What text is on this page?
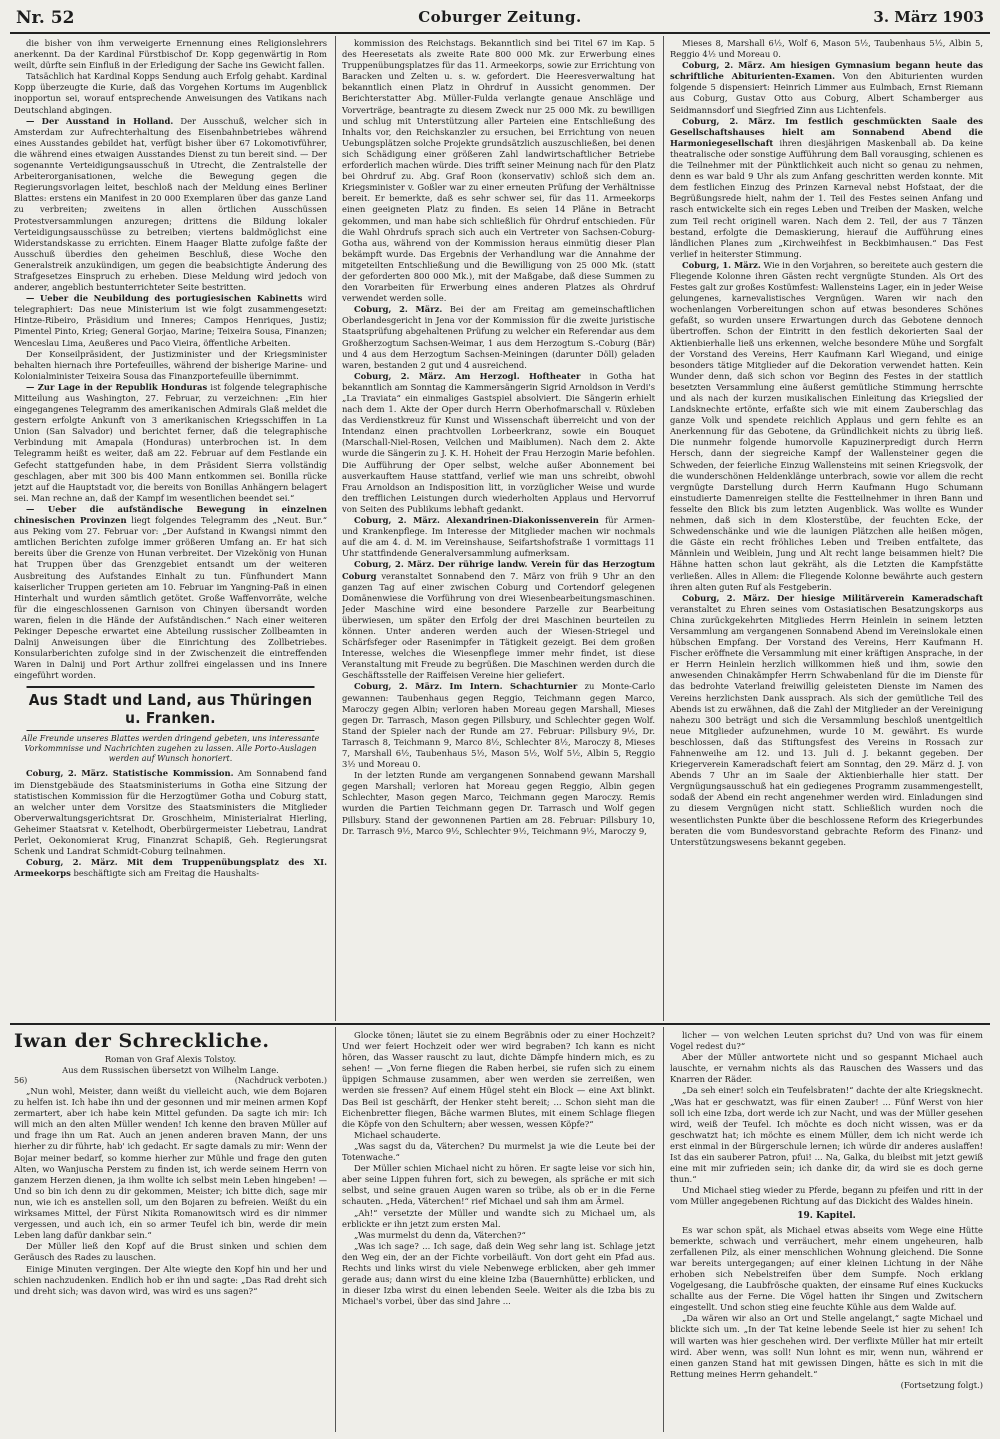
Nr. 52	Coburger Zeitung.	3. März 1903

die bisher von ihm verweigerte Ernennung eines Religionslehrers anerkennt. Da der Kardinal Fürstbischof Dr. Kopp gegenwärtig in Rom weilt, dürfte sein Einfluß in der Erledigung der Sache ins Gewicht fallen.

Tatsächlich hat Kardinal Kopps Sendung auch Erfolg gehabt. Kardinal Kopp überzeugte die Kurie, daß das Vorgehen Kortums im Augenblick inopportun sei, worauf entsprechende Anweisungen des Vatikans nach Deutschland abgingen.

— Der Ausstand in Holland. Der Ausschuß, welcher sich in Amsterdam zur Aufrechterhaltung des Eisenbahnbetriebes während eines Ausstandes gebildet hat, verfügt bisher über 67 Lokomotivführer, die während eines etwaigen Ausstandes Dienst zu tun bereit sind. — Der sogenannte Verteidigungsausschuß in Utrecht, die Zentralstelle der Arbeiterorganisationen, welche die Bewegung gegen die Regierungsvorlagen leitet, beschloß nach der Meldung eines Berliner Blattes: erstens ein Manifest in 20 000 Exemplaren über das ganze Land zu verbreiten; zweitens in allen örtlichen Ausschüssen Protestversammlungen anzuregen; drittens die Bildung lokaler Verteidigungsausschüsse zu betreiben; viertens baldmöglichst eine Widerstandskasse zu errichten. Einem Haager Blatte zufolge faßte der Ausschuß überdies den geheimen Beschluß, diese Woche den Generalstreik anzukündigen, um gegen die beabsichtigte Änderung des Strafgesetzes Einspruch zu erheben. Diese Meldung wird jedoch von anderer, angeblich bestunterrichteter Seite bestritten.

— Ueber die Neubildung des portugiesischen Kabinetts wird telegraphiert: Das neue Ministerium ist wie folgt zusammengesetzt: Hintze-Ribeiro, Präsidium und Inneres; Campos Henriques, Justiz; Pimentel Pinto, Krieg; General Gorjao, Marine; Teixeira Sousa, Finanzen; Wenceslau Lima, Aeußeres und Paco Vieira, öffentliche Arbeiten.

Der Konseilpräsident, der Justizminister und der Kriegsminister behalten hiernach ihre Portefeuilles, während der bisherige Marine- und Kolonialminister Teixeira Sousa das Finanzportefeuille übernimmt.

— Zur Lage in der Republik Honduras ist folgende telegraphische Mitteilung aus Washington, 27. Februar, zu verzeichnen: „Ein hier eingegangenes Telegramm des amerikanischen Admirals Glaß meldet die gestern erfolgte Ankunft von 3 amerikanischen Kriegsschiffen in La Union (San Salvador) und berichtet ferner, daß die telegraphische Verbindung mit Amapala (Honduras) unterbrochen ist. In dem Telegramm heißt es weiter, daß am 22. Februar auf dem Festlande ein Gefecht stattgefunden habe, in dem Präsident Sierra vollständig geschlagen, aber mit 300 bis 400 Mann entkommen sei. Bonilla rücke jetzt auf die Hauptstadt vor, die bereits von Bonillas Anhängern belagert sei. Man rechne an, daß der Kampf im wesentlichen beendet sei.“

— Ueber die aufständische Bewegung in einzelnen chinesischen Provinzen liegt folgendes Telegramm des „Neut. Bur.“ aus Peking vom 27. Februar vor: „Der Aufstand in Kwangsi nimmt den amtlichen Berichten zufolge immer größeren Umfang an. Er hat sich bereits über die Grenze von Hunan verbreitet. Der Vizekönig von Hunan hat Truppen über das Grenzgebiet entsandt um der weiteren Ausbreitung des Aufstandes Einhalt zu tun. Fünfhundert Mann kaiserlicher Truppen gerieten am 10. Februar im Yangning-Paß in einen Hinterhalt und wurden sämtlich getötet. Große Waffenvorräte, welche für die eingeschlossenen Garnison von Chinyen übersandt worden waren, fielen in die Hände der Aufständischen.“ Nach einer weiteren Pekinger Depesche erwartet eine Abteilung russischer Zollbeamten in Dalnij Anweisungen über die Einrichtung des Zollbetriebes. Konsularberichten zufolge sind in der Zwischenzeit die eintreffenden Waren in Dalnij und Port Arthur zollfrei eingelassen und ins Innere eingeführt worden.

Aus Stadt und Land, aus Thüringen u. Franken.
Alle Freunde unseres Blattes werden dringend gebeten, uns interessante Vorkommnisse und Nachrichten zugehen zu lassen. Alle Porto-Auslagen werden auf Wunsch honoriert.

Coburg, 2. März. Statistische Kommission. Am Sonnabend fand im Dienstgebäude des Staatsministeriums in Gotha eine Sitzung der statistischen Kommission für die Herzogtümer Gotha und Coburg statt, an welcher unter dem Vorsitze des Staatsministers die Mitglieder Oberverwaltungsgerichtsrat Dr. Groschheim, Ministerialrat Hierling, Geheimer Staatsrat v. Ketelhodt, Oberbürgermeister Liebetrau, Landrat Perlet, Oekonomierat Krug, Finanzrat Schapiß, Geh. Regierungsrat Schenk und Landrat Schmidt-Coburg teilnahmen.

Coburg, 2. März. Mit dem Truppenübungsplatz des XI. Armeekorps beschäftigte sich am Freitag die Haushalts-

kommission des Reichstags. Bekanntlich sind bei Titel 67 im Kap. 5 des Heeresetats als zweite Rate 800 000 Mk. zur Erwerbung eines Truppenübungsplatzes für das 11. Armeekorps, sowie zur Errichtung von Baracken und Zelten u. s. w. gefordert. Die Heeresverwaltung hat bekanntlich einen Platz in Ohrdruf in Aussicht genommen. Der Berichterstatter Abg. Müller-Fulda verlangte genaue Anschläge und Vorverträge, beantragte zu diesem Zweck nur 25 000 Mk. zu bewilligen und schlug mit Unterstützung aller Parteien eine Entschließung des Inhalts vor, den Reichskanzler zu ersuchen, bei Errichtung von neuen Uebungsplätzen solche Projekte grundsätzlich auszuschließen, bei denen sich Schädigung einer größeren Zahl landwirtschaftlicher Betriebe erforderlich machen würde. Dies trifft seiner Meinung nach für den Platz bei Ohrdruf zu. Abg. Graf Roon (konservativ) schloß sich dem an. Kriegsminister v. Goßler war zu einer erneuten Prüfung der Verhältnisse bereit. Er bemerkte, daß es sehr schwer sei, für das 11. Armeekorps einen geeigneten Platz zu finden. Es seien 14 Pläne in Betracht gekommen, und man habe sich schließlich für Ohrdruf entschieden. Für die Wahl Ohrdrufs sprach sich auch ein Vertreter von Sachsen-Coburg-Gotha aus, während von der Kommission heraus einmütig dieser Plan bekämpft wurde. Das Ergebnis der Verhandlung war die Annahme der mitgeteilten Entschließung und die Bewilligung von 25 000 Mk. (statt der geforderten 800 000 Mk.), mit der Maßgabe, daß diese Summen zu den Vorarbeiten für Erwerbung eines anderen Platzes als Ohrdruf verwendet werden solle.

Coburg, 2. März. Bei der am Freitag am gemeinschaftlichen Oberlandesgericht in Jena vor der Kommission für die zweite juristische Staatsprüfung abgehaltenen Prüfung zu welcher ein Referendar aus dem Großherzogtum Sachsen-Weimar, 1 aus dem Herzogtum S.-Coburg (Bär) und 4 aus dem Herzogtum Sachsen-Meiningen (darunter Döll) geladen waren, bestanden 2 gut und 4 ausreichend.

Coburg, 2. März. Am Herzogl. Hoftheater in Gotha hat bekanntlich am Sonntag die Kammersängerin Sigrid Arnoldson in Verdi's „La Traviata“ ein einmaliges Gastspiel absolviert. Die Sängerin erhielt nach dem 1. Akte der Oper durch Herrn Oberhofmarschall v. Rüxleben das Verdienstkreuz für Kunst und Wissenschaft überreicht und von der Intendanz einen prachtvollen Lorbeerkranz, sowie ein Bouquet (Marschall-Niel-Rosen, Veilchen und Maiblumen). Nach dem 2. Akte wurde die Sängerin zu J. K. H. Hoheit der Frau Herzogin Marie befohlen. Die Aufführung der Oper selbst, welche außer Abonnement bei ausverkauftem Hause stattfand, verlief wie man uns schreibt, obwohl Frau Arnoldson an Indisposition litt, in vorzüglicher Weise und wurde den trefflichen Leistungen durch wiederholten Applaus und Hervorruf von Seiten des Publikums lebhaft gedankt.

Coburg, 2. März. Alexandrinen-Diakonissenverein für Armen- und Krankenpflege. Im Interesse der Mitglieder machen wir nochmals auf die am 4. d. M. im Vereinshause, Seifartshofstraße 1 vormittags 11 Uhr stattfindende Generalversammlung aufmerksam.

Coburg, 2. März. Der rührige landw. Verein für das Herzogtum Coburg veranstaltet Sonnabend den 7. März von früh 9 Uhr an den ganzen Tag auf einer zwischen Coburg und Cortendorf gelegenen Domänenwiese die Vorführung von drei Wiesenbearbeitungsmaschinen. Jeder Maschine wird eine besondere Parzelle zur Bearbeitung überwiesen, um später den Erfolg der drei Maschinen beurteilen zu können. Unter anderen werden auch der Wiesen-Striegel und Schärfsfeger oder Rasenimpfer in Tätigkeit gezeigt. Bei dem großen Interesse, welches die Wiesenpflege immer mehr findet, ist diese Veranstaltung mit Freude zu begrüßen. Die Maschinen werden durch die Geschäftsstelle der Raiffeisen Vereine hier geliefert.

Coburg, 2. März. Im Intern. Schachturnier zu Monte-Carlo gewannen: Taubenhaus gegen Reggio, Teichmann gegen Marco, Maroczy gegen Albin; verloren haben Moreau gegen Marshall, Mieses gegen Dr. Tarrasch, Mason gegen Pillsbury, und Schlechter gegen Wolf. Stand der Spieler nach der Runde am 27. Februar: Pillsbury 9½, Dr. Tarrasch 8, Teichmann 9, Marco 8½, Schlechter 8½, Maroczy 8, Mieses 7, Marshall 6½, Taubenhaus 5½, Mason 5½, Wolf 5½, Albin 5, Reggio 3½ und Moreau 0.

In der letzten Runde am vergangenen Sonnabend gewann Marshall gegen Marshall; verloren hat Moreau gegen Reggio, Albin gegen Schlechter, Mason gegen Marco, Teichmann gegen Maroczy. Remis wurden die Partien Teichmann gegen Dr. Tarrasch und Wolf gegen Pillsbury. Stand der gewonnenen Partien am 28. Februar: Pillsbury 10, Dr. Tarrasch 9½, Marco 9½, Schlechter 9½, Teichmann 9½, Maroczy 9,

Mieses 8, Marshall 6½, Wolf 6, Mason 5½, Taubenhaus 5½, Albin 5, Reggio 4½ und Moreau 0.

Coburg, 2. März. Am hiesigen Gymnasium begann heute das schriftliche Abiturienten-Examen. Von den Abiturienten wurden folgende 5 dispensiert: Heinrich Limmer aus Eulmbach, Ernst Riemann aus Coburg, Gustav Otto aus Coburg, Albert Schamberger aus Seidmannsdorf und Siegfried Zinn aus Lichtenfels.

Coburg, 2. März. Im festlich geschmückten Saale des Gesellschaftshauses hielt am Sonnabend Abend die Harmoniegesellschaft ihren diesjährigen Maskenball ab. Da keine theatralische oder sonstige Aufführung dem Ball vorausging, schienen es die Teilnehmer mit der Pünktlichkeit auch nicht so genau zu nehmen, denn es war bald 9 Uhr als zum Anfang geschritten werden konnte. Mit dem festlichen Einzug des Prinzen Karneval nebst Hofstaat, der die Begrüßungsrede hielt, nahm der 1. Teil des Festes seinen Anfang und rasch entwickelte sich ein reges Leben und Treiben der Masken, welche zum Teil recht originell waren. Nach dem 2. Teil, der aus 7 Tänzen bestand, erfolgte die Demaskierung, hierauf die Aufführung eines ländlichen Planes zum „Kirchweihfest in Beckbimhausen.“ Das Fest verlief in heiterster Stimmung.

Coburg, 1. März. Wie in den Vorjahren, so bereitete auch gestern die Fliegende Kolonne ihren Gästen recht vergnügte Stunden. Als Ort des Festes galt zur großes Kostümfest: Wallensteins Lager, ein in jeder Weise gelungenes, karnevalistisches Vergnügen. Waren wir nach den wochenlangen Vorbereitungen schon auf etwas besonderes Schönes gefaßt, so wurden unsere Erwartungen durch das Gebotene dennoch übertroffen. Schon der Eintritt in den festlich dekorierten Saal der Aktienbierhalle ließ uns erkennen, welche besondere Mühe und Sorgfalt der Vorstand des Vereins, Herr Kaufmann Karl Wiegand, und einige besonders tätige Mitglieder auf die Dekoration verwendet hatten. Kein Wunder denn, daß sich schon vor Beginn des Festes in der stattlich besetzten Versammlung eine äußerst gemütliche Stimmung herrschte und als nach der kurzen musikalischen Einleitung das Kriegslied der Landsknechte ertönte, erfaßte sich wie mit einem Zauberschlag das ganze Volk und spendete reichlich Applaus und gern fehlte es an Anerkennung für das Gebotene, da Gründlichkeit nichts zu übrig ließ. Die nunmehr folgende humorvolle Kapuzinerpredigt durch Herrn Hersch, dann der siegreiche Kampf der Wallensteiner gegen die Schweden, der feierliche Einzug Wallensteins mit seinen Kriegsvolk, der die wunderschönen Heldenklänge unterbrach, sowie vor allem die recht vergnügte Darstellung durch Herrn Kaufmann Hugo Schumann einstudierte Damenreigen stellte die Festteilnehmer in ihren Bann und fesselte den Blick bis zum letzten Augenblick. Was wollte es Wunder nehmen, daß sich in dem Klosterstübe, der feuchten Ecke, der Schwedenschänke und wie die launigen Plätzchen alle heißen mögen, die Gäste ein recht fröhliches Leben und Treiben entfaltete, das Männlein und Weiblein, Jung und Alt recht lange beisammen hielt? Die Hähne hatten schon laut gekräht, als die Letzten die Kampfstätte verließen. Alles in Allem: die Fliegende Kolonne bewährte auch gestern ihren alten guten Ruf als Festgeberin.

Coburg, 2. März. Der hiesige Militärverein Kameradschaft veranstaltet zu Ehren seines vom Ostasiatischen Besatzungskorps aus China zurückgekehrten Mitgliedes Herrn Heinlein in seinem letzten Versammlung am vergangenen Sonnabend Abend im Vereinslokale einen hübschen Empfang. Der Vorstand des Vereins, Herr Kaufmann H. Fischer eröffnete die Versammlung mit einer kräftigen Ansprache, in der er Herrn Heinlein herzlich willkommen hieß und ihm, sowie den anwesenden Chinakämpfer Herrn Schwabenland für die im Dienste für das bedrohte Vaterland freiwillig geleisteten Dienste im Namen des Vereins herzlichsten Dank aussprach. Als sich der gemütliche Teil des Abends ist zu erwähnen, daß die Zahl der Mitglieder an der Vereinigung nahezu 300 beträgt und sich die Versammlung beschloß unentgeltlich neue Mitglieder aufzunehmen, wurde 10 M. gewährt. Es wurde beschlossen, daß das Stiftungsfest des Vereins in Rossach zur Fahnenweihe am 12. und 13. Juli d. J. bekannt gegeben. Der Kriegerverein Kameradschaft feiert am Sonntag, den 29. März d. J. von Abends 7 Uhr an im Saale der Aktienbierhalle hier statt. Der Vergnügungsausschuß hat ein gediegenes Programm zusammengestellt, sodaß der Abend ein recht angenehmer werden wird. Einladungen sind zu diesem Vergnügen nicht statt. Schließlich wurden noch die wesentlichsten Punkte über die beschlossene Reform des Kriegerbundes beraten die vom Bundesvorstand gebrachte Reform des Finanz- und Unterstützungswesens bekannt gegeben.

Iwan der Schreckliche.
Roman von Graf Alexis Tolstoy.
Aus dem Russischen übersetzt von Wilhelm Lange.
56)	(Nachdruck verboten.)

„Nun wohl, Meister, dann weißt du vielleicht auch, wie dem Bojaren zu helfen ist. Ich habe ihn und der gesonnen und mir meinen armen Kopf zermartert, aber ich habe kein Mittel gefunden. Da sagte ich mir: Ich will mich an den alten Müller wenden! Ich kenne den braven Müller auf und frage ihn um Rat. Auch an jenen anderen braven Mann, der uns hierher zu dir führte, hab' ich gedacht. Er sagte damals zu mir: Wenn der Bojar meiner bedarf, so komme hierher zur Mühle und frage den guten Alten, wo Wanjuscha Perstem zu finden ist, ich werde seinem Herrn von ganzem Herzen dienen, ja ihm wollte ich selbst mein Leben hingeben! — Und so bin ich denn zu dir gekommen, Meister; ich bitte dich, sage mir nun, wie ich es anstellen soll, um den Bojaren zu befreien. Weißt du ein wirksames Mittel, der Fürst Nikita Romanowitsch wird es dir nimmer vergessen, und auch ich, ein so armer Teufel ich bin, werde dir mein Leben lang dafür dankbar sein.“

Der Müller ließ den Kopf auf die Brust sinken und schien dem Geräusch des Rades zu lauschen.

Einige Minuten vergingen. Der Alte wiegte den Kopf hin und her und schien nachzudenken. Endlich hob er ihn und sagte: „Das Rad dreht sich und dreht sich; was davon wird, was wird es uns sagen?“

Glocke tönen; läutet sie zu einem Begräbnis oder zu einer Hochzeit? Und wer feiert Hochzeit oder wer wird begraben? Ich kann es nicht hören, das Wasser rauscht zu laut, dichte Dämpfe hindern mich, es zu sehen! — „Von ferne fliegen die Raben herbei, sie rufen sich zu einem üppigen Schmause zusammen, aber wen werden sie zerreißen, wen werden sie fressen? Auf einem Hügel steht ein Block — eine Axt blinkt. Das Beil ist geschärft, der Henker steht bereit; ... Schon sieht man die Eichenbretter fliegen, Bäche warmen Blutes, mit einem Schlage fliegen die Köpfe von den Schultern; aber wessen, wessen Köpfe?“

Michael schauderte.

„Was sagst du da, Väterchen? Du murmelst ja wie die Leute bei der Totenwache.“

Der Müller schien Michael nicht zu hören. Er sagte leise vor sich hin, aber seine Lippen fuhren fort, sich zu bewegen, als spräche er mit sich selbst, und seine grauen Augen waren so trübe, als ob er in die Ferne schauten. „Heda, Väterchen!“ rief Michael und sah ihm am Ärmel.

„Ah!“ versetzte der Müller und wandte sich zu Michael um, als erblickte er ihn jetzt zum ersten Mal.

„Was murmelst du denn da, Väterchen?“

„Was ich sage? ... Ich sage, daß dein Weg sehr lang ist. Schlage jetzt den Weg ein, der an der Fichte vorbeiläuft. Von dort geht ein Pfad aus. Rechts und links wirst du viele Nebenwege erblicken, aber geh immer gerade aus; dann wirst du eine kleine Izba (Bauernhütte) erblicken, und in dieser Izba wirst du einen lebenden Seele. Weiter als die Izba bis zu Michael's vorbei, über das sind Jahre ...

licher — von welchen Leuten sprichst du? Und von was für einem Vogel redest du?“

Aber der Müller antwortete nicht und so gespannt Michael auch lauschte, er vernahm nichts als das Rauschen des Wassers und das Knarren der Räder.

„Da seh einer! solch ein Teufelsbraten!“ dachte der alte Kriegsknecht. „Was hat er geschwatzt, was für einen Zauber! ... Fünf Werst von hier soll ich eine Izba, dort werde ich zur Nacht, und was der Müller gesehen wird, weiß der Teufel. Ich möchte es doch nicht wissen, was er da geschwatzt hat; ich möchte es einem Müller, dem ich nicht werde ich erst einmal in der Bürgerschule lernen; ich würde dir anderes auslaffen! Ist das ein sauberer Patron, pfui! ... Na, Galka, du bleibst mit jetzt gewiß eine mit mir zufrieden sein; ich danke dir, da wird sie es doch gerne thun.“

Und Michael stieg wieder zu Pferde, begann zu pfeifen und ritt in der vom Müller angegebenen Richtung auf das Dickicht des Waldes hinein.

19. Kapitel.

Es war schon spät, als Michael etwas abseits vom Wege eine Hütte bemerkte, schwach und verräuchert, mehr einem ungeheuren, halb zerfallenen Pilz, als einer menschlichen Wohnung gleichend. Die Sonne war bereits untergegangen; auf einer kleinen Lichtung in der Nähe erhoben sich Nebelstreifen über dem Sumpfe. Noch erklang Vogelgesang, die Laubfrösche quakten, der einsame Ruf eines Kuckucks schallte aus der Ferne. Die Vögel hatten ihr Singen und Zwitschern eingestellt. Und schon stieg eine feuchte Kühle aus dem Walde auf.

„Da wären wir also an Ort und Stelle angelangt,“ sagte Michael und blickte sich um. „In der Tat keine lebende Seele ist hier zu sehen! Ich will warten was hier geschehen wird. Der verflixte Müller hat mir erteilt wird. Aber wenn, was soll! Nun lohnt es mir, wenn nun, während er einen ganzen Stand hat mit gewissen Dingen, hätte es sich in mit die Rettung meines Herrn gehandelt.“

(Fortsetzung folgt.)
